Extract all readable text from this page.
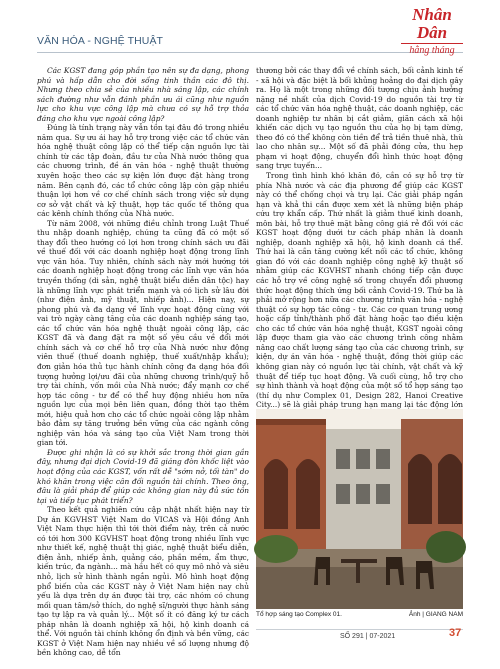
VĂN HÓA - NGHỆ THUẬT
Nhân Dân
hằng tháng

Các KGST đang góp phần tạo nên sự đa dạng, phong phú và hấp dẫn cho đời sống tinh thần các đô thị. Nhưng theo chia sẻ của nhiều nhà sáng lập, các chính sách đường như vẫn đánh phần ưu ái cũng như nguồn lực cho khu vực công lập mà chưa có sự hỗ trợ thỏa đáng cho khu vực ngoài công lập?

Đúng là tính trạng này vẫn tồn tại đâu đó trong nhiều năm qua. Sự ưu ái hay hỗ trợ trong việc các tổ chức văn hóa nghệ thuật công lập có thể tiếp cận nguồn lực tài chính từ các tập đoàn, đầu tư của Nhà nước thông qua các chương trình, đề án văn hóa - nghệ thuật thường xuyên hoặc theo các sự kiện lớn được đặt hàng trong năm. Bên cạnh đó, các tổ chức công lập còn gặp nhiều thuận lợi hơn về cơ chế chính sách trong việc sử dụng cơ sở vật chất và kỹ thuật, hợp tác quốc tế thông qua các kênh chính thống của Nhà nước.

Từ năm 2008, với những điều chỉnh trong Luật Thuế thu nhập doanh nghiệp, chúng ta cũng đã có một số thay đổi theo hướng có lợi hơn trong chính sách ưu đãi về thuế đối với các doanh nghiệp hoạt động trong lĩnh vực văn hóa. Tuy nhiên, chính sách này mới hướng tới các doanh nghiệp hoạt động trong các lĩnh vực văn hóa truyền thống (di sản, nghệ thuật biểu diễn dân tộc) hay là những lĩnh vực phát triển mạnh và có lịch sử lâu đời (như điện ảnh, mỹ thuật, nhiếp ảnh)... Hiện nay, sự phong phú và đa dạng về lĩnh vực hoạt động cùng với vai trò ngày càng tăng của các doanh nghiệp sáng tạo, các tổ chức văn hóa nghệ thuật ngoài công lập, các KGST đã và đang đặt ra một số yêu cầu về đổi mới chính sách và cơ chế hỗ trợ của Nhà nước như động viên thuế (thuế doanh nghiệp, thuế xuất/nhập khẩu); đơn giản hóa thủ tục hành chính công đa dạng hóa đối tượng hưởng lợi/ưu đãi của những chương trình/quỹ hỗ trợ tài chính, vốn mồi của Nhà nước; đẩy mạnh cơ chế hợp tác công - tư để có thể huy động nhiều hơn nữa nguồn lực của mọi bên liên quan, đồng thời tạo thêm mới, hiệu quả hơn cho các tổ chức ngoài công lập nhằm bảo đảm sự tăng trưởng bền vững của các ngành công nghiệp văn hóa và sáng tạo của Việt Nam trong thời gian tới.

Được ghi nhận là có sự khởi sắc trong thời gian gần đây, nhưng đại dịch Covid-19 đã giáng đòn khốc liệt vào hoạt động của các KGST, vốn rất dễ "sớm nở, tối tàn" do khó khăn trong việc cân đối nguồn tài chính. Theo ông, đâu là giải pháp để giúp các không gian này đủ sức tồn tại và tiếp tục phát triển?

Theo kết quả nghiên cứu cập nhật nhất hiện nay từ Dự án KGVHST Việt Nam do VICAS và Hội đồng Anh Việt Nam thực hiện thì tới thời điểm này, trên cả nước có tới hơn 300 KGVHST hoạt động trong nhiều lĩnh vực như thiết kế, nghệ thuật thị giác, nghệ thuật biểu diễn, điện ảnh, nhiếp ảnh, quảng cáo, phần mềm, ẩm thực, kiến trúc, đa ngành... mà hầu hết có quy mô nhỏ và siêu nhỏ, lịch sử hình thành ngắn ngủi. Mô hình hoạt động phổ biến của các KGST này ở Việt Nam hiện nay chủ yếu là dựa trên dự án được tài trợ, các nhóm có chung mối quan tâm/sở thích, do nghệ sĩ/người thực hành sáng tạo tự lập ra và quản lý... Một số ít có đăng ký tư cách pháp nhân là doanh nghiệp xã hội, hộ kinh doanh cá thể. Với nguồn tài chính không ổn định và bền vững, các KGST ở Việt Nam hiện nay nhiều về số lượng nhưng độ bền không cao, dễ tổn

thương bởi các thay đổi về chính sách, bối cảnh kinh tế - xã hội và đặc biệt là bối khủng hoảng do đại dịch gây ra. Họ là một trong những đối tượng chịu ảnh hưởng nặng nề nhất của dịch Covid-19 do nguồn tài trợ từ các tổ chức văn hóa nghệ thuật, các doanh nghiệp, các doanh nghiệp tư nhân bị cắt giảm, giãn cách xã hội khiến các dịch vụ tạo nguồn thu của họ bị tạm dừng, theo đó có thể không còn tiền để trả tiền thuê nhà, thù lao cho nhân sự... Một số đã phải đóng cửa, thu hẹp phạm vi hoạt động, chuyển đổi hình thức hoạt động sang trực tuyến...

Trong tình hình khó khăn đó, cần có sự hỗ trợ từ phía Nhà nước và các địa phương để giúp các KGST này có thể chống chọi và trụ lại. Các giải pháp ngắn hạn và khả thi cần được xem xét là những biện pháp cứu trợ khẩn cấp. Thứ nhất là giảm thuế kinh doanh, môn bài, hỗ trợ thuê mặt bằng công giá rẻ đối với các KGST hoạt động dưới tư cách pháp nhân là doanh nghiệp, doanh nghiệp xã hội, hộ kinh doanh cá thể. Thứ hai là cần tăng cường kết nối các tổ chức, không gian đó với các doanh nghiệp công nghệ kỹ thuật số nhằm giúp các KGVHST nhanh chóng tiếp cận được các hỗ trợ về công nghệ số trong chuyển đổi phương thức hoạt động thích ứng bối cảnh Covid-19. Thứ ba là phải mở rộng hơn nữa các chương trình văn hóa - nghệ thuật có sự hợp tác công - tư. Các cơ quan trung ương hoặc cấp tỉnh/thành phố đặt hàng hoặc tạo điều kiện cho các tổ chức văn hóa nghệ thuật, KGST ngoài công lập được tham gia vào các chương trình công nhằm nâng cao chất lượng sáng tạo của các chương trình, sự kiện, dự án văn hóa - nghệ thuật, đồng thời giúp các không gian này có nguồn lực tài chính, vật chất và kỹ thuật để tiếp tục hoạt động. Và cuối cùng, hỗ trợ cho sự hình thành và hoạt động của một số tổ hợp sáng tạo (thí dụ như Complex 01, Design 282, Hanoi Creative City...) sẽ là giải pháp trung hạn mang lại tác động lớn

Tổ hợp sáng tạo Complex 01.	Ảnh | GIANG NAM
SỐ 291 | 07-2021	37
